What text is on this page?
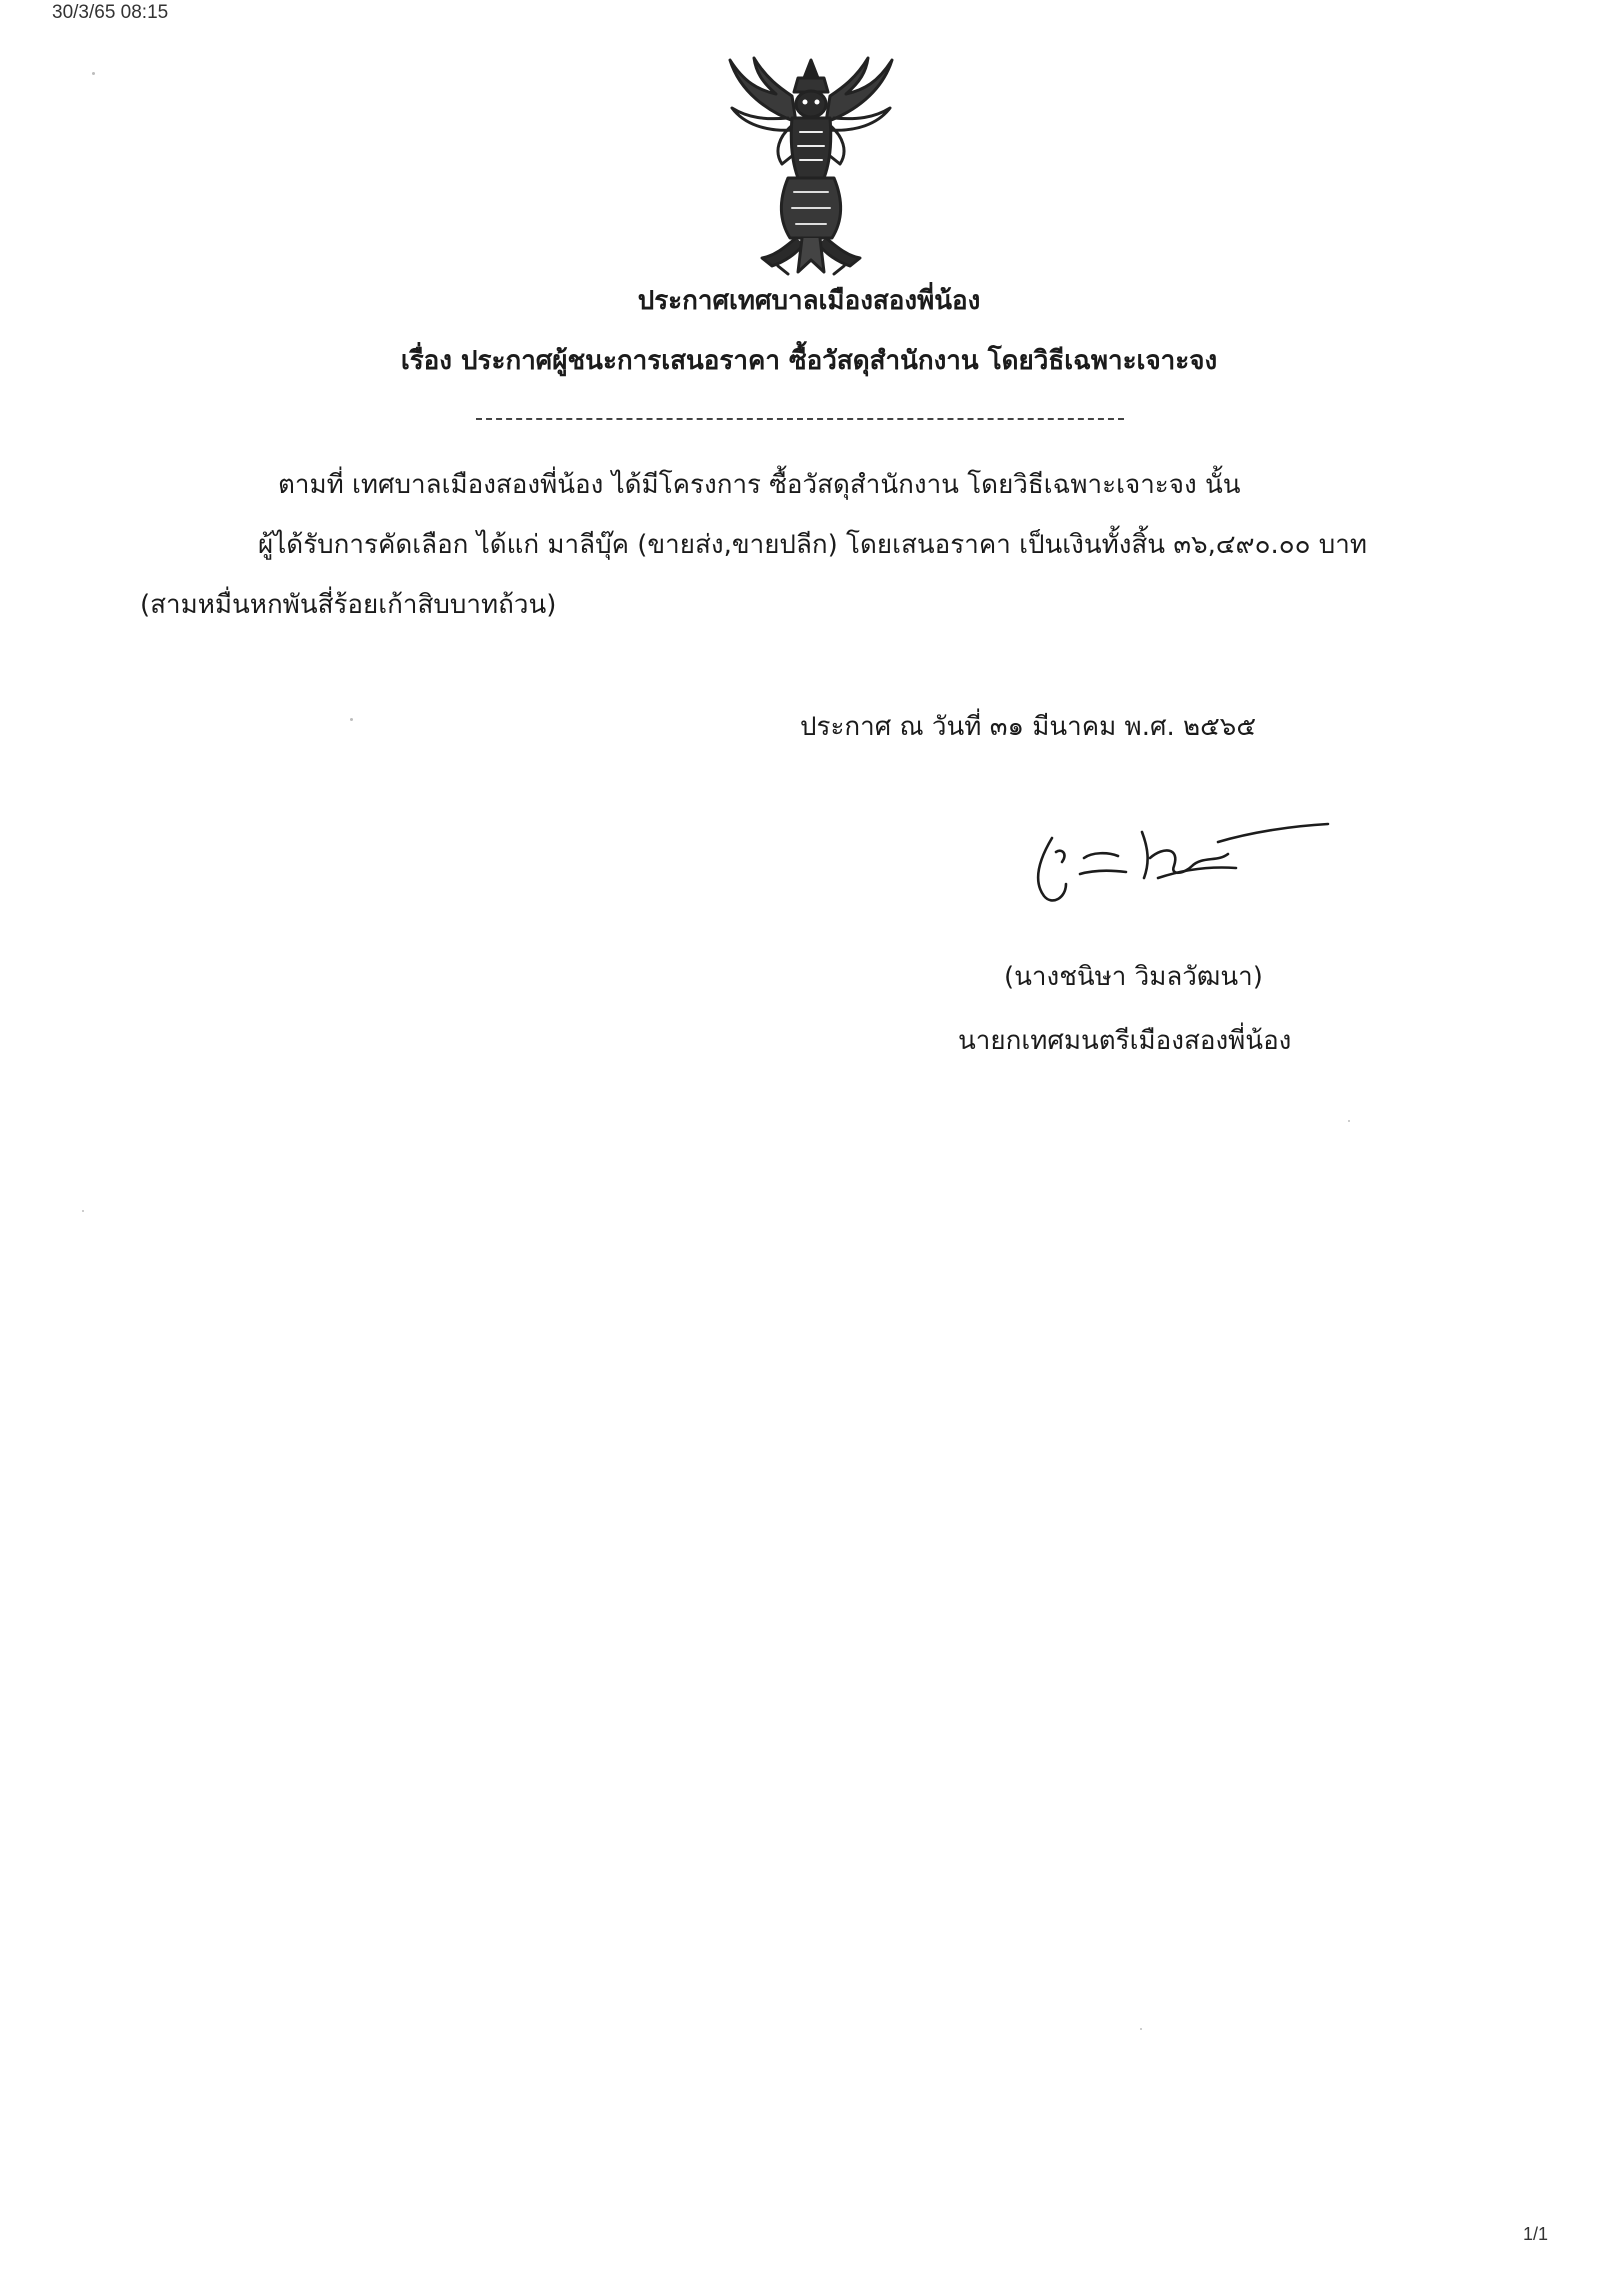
30/3/65 08:15
ประกาศเทศบาลเมืองสองพี่น้อง
เรื่อง ประกาศผู้ชนะการเสนอราคา ซื้อวัสดุสำนักงาน โดยวิธีเฉพาะเจาะจง
ตามที่ เทศบาลเมืองสองพี่น้อง ได้มีโครงการ ซื้อวัสดุสำนักงาน โดยวิธีเฉพาะเจาะจง นั้น
ผู้ได้รับการคัดเลือก ได้แก่ มาลีบุ๊ค (ขายส่ง,ขายปลีก) โดยเสนอราคา เป็นเงินทั้งสิ้น ๓๖,๔๙๐.๐๐ บาท
(สามหมื่นหกพันสี่ร้อยเก้าสิบบาทถ้วน)
ประกาศ ณ วันที่ ๓๑ มีนาคม พ.ศ. ๒๕๖๕
(นางชนิษา วิมลวัฒนา)
นายกเทศมนตรีเมืองสองพี่น้อง
1/1
